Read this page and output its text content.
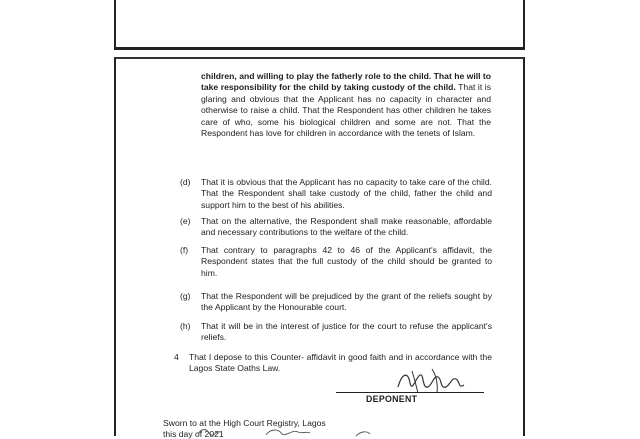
children, and willing to play the fatherly role to the child. That he will to take responsibility for the child by taking custody of the child. That it is glaring and obvious that the Applicant has no capacity in character and otherwise to raise a child. That the Respondent has other children he takes care of who, some his biological children and some are not. That the Respondent has love for children in accordance with the tenets of Islam.
(d)	That it is obvious that the Applicant has no capacity to take care of the child. That the Respondent shall take custody of the child, father the child and support him to the best of his abilities.
(e)	That on the alternative, the Respondent shall make reasonable, affordable and necessary contributions to the welfare of the child.
(f)	That contrary to paragraphs 42 to 46 of the Applicant's affidavit, the Respondent states that the full custody of the child should be granted to him.
(g)	That the Respondent will be prejudiced by the grant of the reliefs sought by the Applicant by the Honourable court.
(h)	That it will be in the interest of justice for the court to refuse the applicant's reliefs.
4 That I depose to this Counter- affidavit in good faith and in accordance with the Lagos State Oaths Law.
DEPONENT
Sworn to at the High Court Registry, Lagos
this day of 2021
